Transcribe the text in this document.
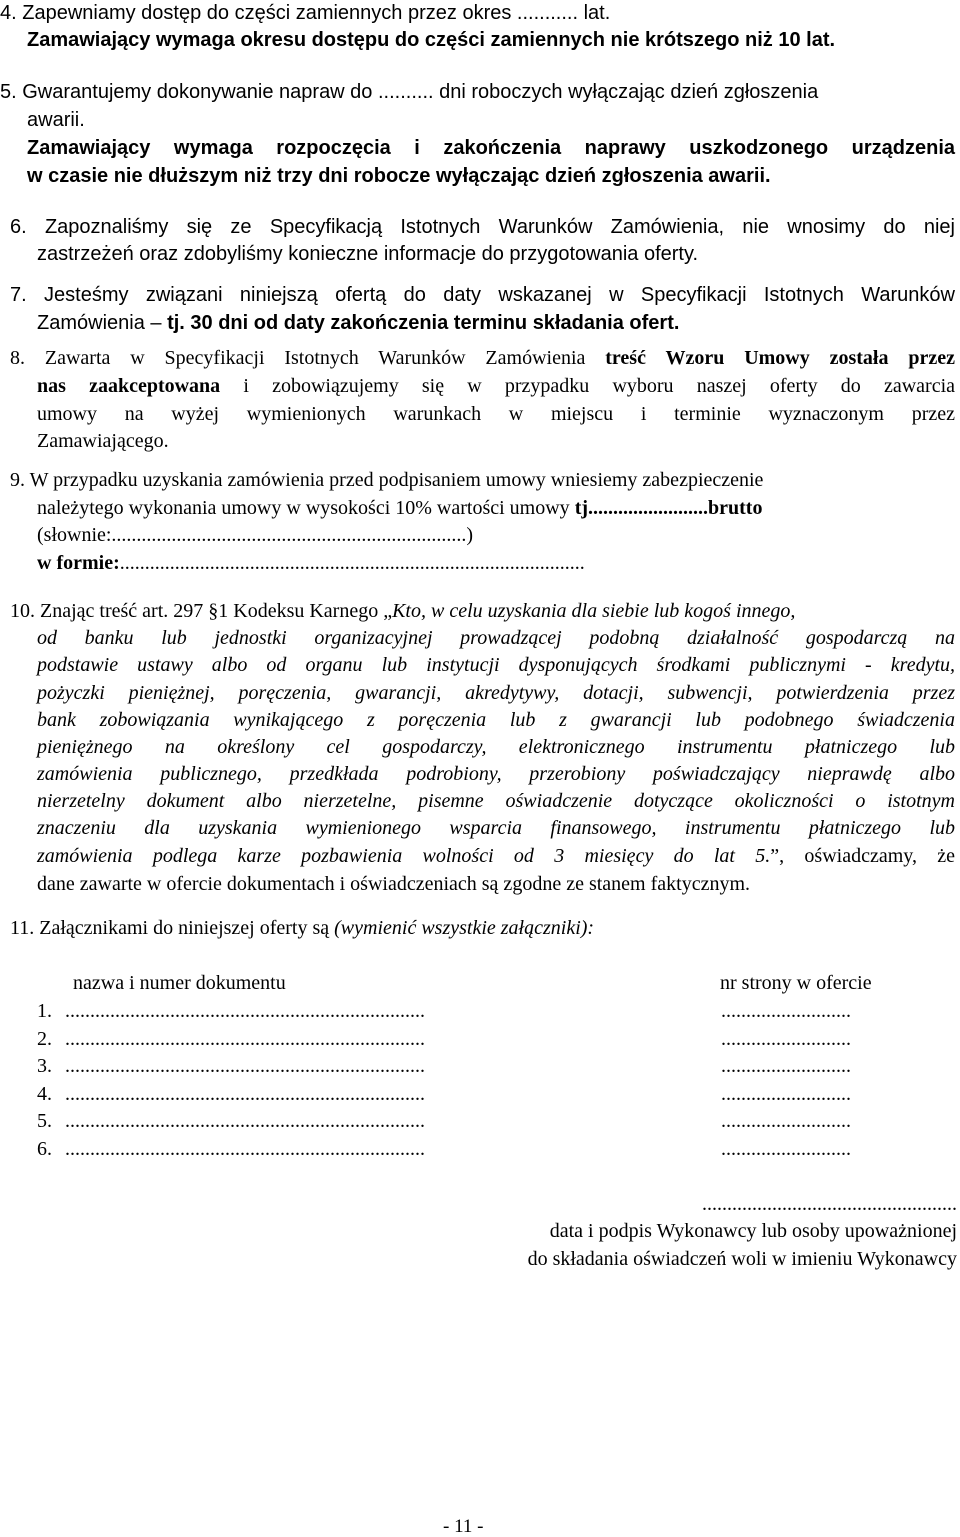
4. Zapewniamy dostęp do części zamiennych przez okres ........... lat.
Zamawiający wymaga okresu dostępu do części zamiennych nie krótszego niż 10 lat.
5. Gwarantujemy dokonywanie napraw do .......... dni roboczych wyłączając dzień zgłoszenia
awarii.
Zamawiający wymaga rozpoczęcia i zakończenia naprawy uszkodzonego urządzenia
w czasie nie dłuższym niż trzy dni robocze wyłączając dzień zgłoszenia awarii.
6. Zapoznaliśmy się ze Specyfikacją Istotnych Warunków Zamówienia, nie wnosimy do niej
zastrzeżeń oraz zdobyliśmy konieczne informacje do przygotowania oferty.
7. Jesteśmy związani niniejszą ofertą do daty wskazanej w Specyfikacji Istotnych Warunków
Zamówienia – tj. 30 dni od daty zakończenia terminu składania ofert.
8. Zawarta w Specyfikacji Istotnych Warunków Zamówienia treść Wzoru Umowy została przez
nas zaakceptowana i zobowiązujemy się w przypadku wyboru naszej oferty do zawarcia
umowy na wyżej wymienionych warunkach w miejscu i terminie wyznaczonym przez
Zamawiającego.
9. W przypadku uzyskania zamówienia przed podpisaniem umowy wniesiemy zabezpieczenie
należytego wykonania umowy w wysokości 10% wartości umowy tj........................brutto
(słownie:.......................................................................)
w formie:.............................................................................................
10. Znając treść art. 297 §1 Kodeksu Karnego „Kto, w celu uzyskania dla siebie lub kogoś innego,
od banku lub jednostki organizacyjnej prowadzącej podobną działalność gospodarczą na
podstawie ustawy albo od organu lub instytucji dysponujących środkami publicznymi - kredytu,
pożyczki pieniężnej, poręczenia, gwarancji, akredytywy, dotacji, subwencji, potwierdzenia przez
bank zobowiązania wynikającego z poręczenia lub z gwarancji lub podobnego świadczenia
pieniężnego na określony cel gospodarczy, elektronicznego instrumentu płatniczego lub
zamówienia publicznego, przedkłada podrobiony, przerobiony poświadczający nieprawdę albo
nierzetelny dokument albo nierzetelne, pisemne oświadczenie dotyczące okoliczności o istotnym
znaczeniu dla uzyskania wymienionego wsparcia finansowego, instrumentu płatniczego lub
zamówienia podlega karze pozbawienia wolności od 3 miesięcy do lat 5.”, oświadczamy, że
dane zawarte w ofercie dokumentach i oświadczeniach są zgodne ze stanem faktycznym.
11. Załącznikami do niniejszej oferty są (wymienić wszystkie załączniki):
nazwa i numer dokumentu	nr strony w ofercie
1. ........................................................................	..........................
2. ........................................................................	..........................
3. ........................................................................	..........................
4. ........................................................................	..........................
5. ........................................................................	..........................
6. ........................................................................	..........................
...................................................
data i podpis Wykonawcy lub osoby upoważnionej
do składania oświadczeń woli w imieniu Wykonawcy
- 11 -
